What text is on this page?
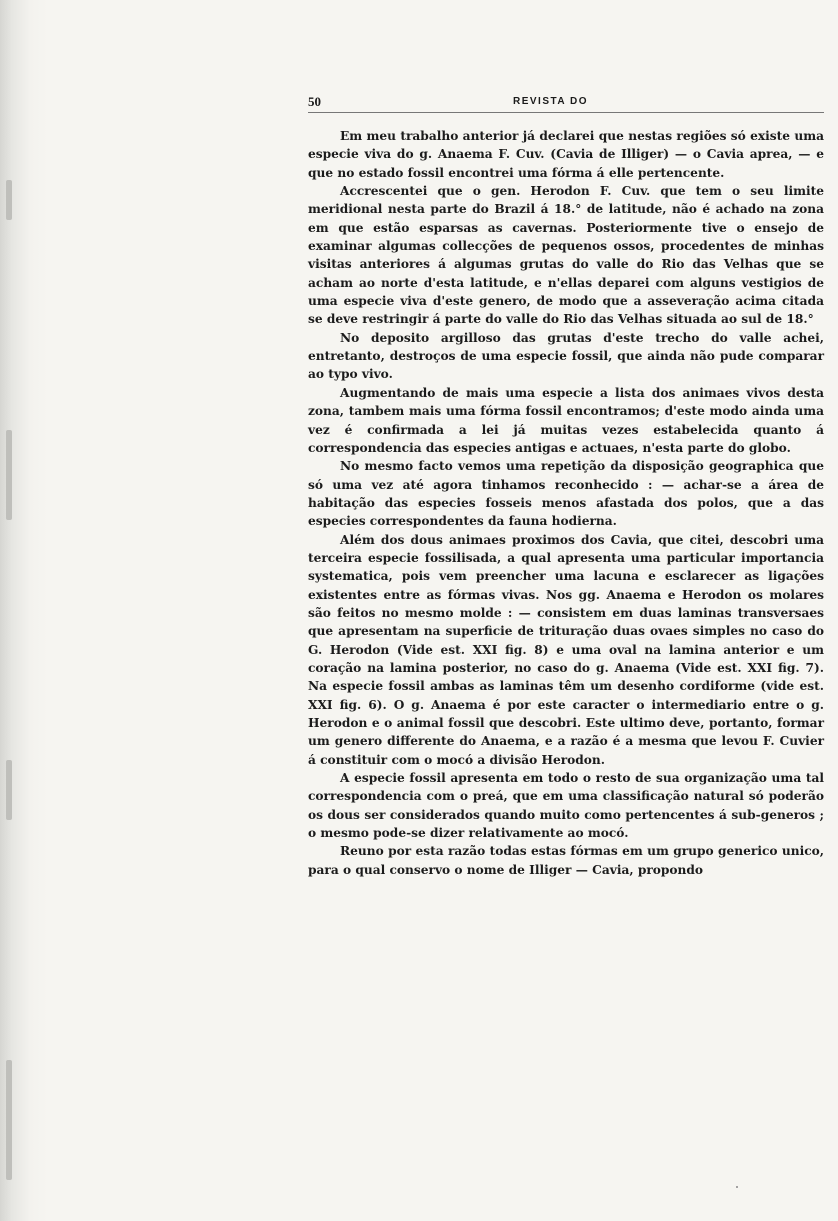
50	REVISTA DO

Em meu trabalho anterior já declarei que nestas regiões só existe uma especie viva do g. Anaema F. Cuv. (Cavia de Illiger) — o Cavia aprea, — e que no estado fossil encontrei uma fórma á elle pertencente.

Accrescentei que o gen. Herodon F. Cuv. que tem o seu limite meridional nesta parte do Brazil á 18.° de latitude, não é achado na zona em que estão esparsas as cavernas. Posteriormente tive o ensejo de examinar algumas collecções de pequenos ossos, procedentes de minhas visitas anteriores á algumas grutas do valle do Rio das Velhas que se acham ao norte d'esta latitude, e n'ellas deparei com alguns vestigios de uma especie viva d'este genero, de modo que a asseveração acima citada se deve restringir á parte do valle do Rio das Velhas situada ao sul de 18.°

No deposito argilloso das grutas d'este trecho do valle achei, entretanto, destroços de uma especie fossil, que ainda não pude comparar ao typo vivo.

Augmentando de mais uma especie a lista dos animaes vivos desta zona, tambem mais uma fórma fossil encontramos; d'este modo ainda uma vez é confirmada a lei já muitas vezes estabelecida quanto á correspondencia das especies antigas e actuaes, n'esta parte do globo.

No mesmo facto vemos uma repetição da disposição geographica que só uma vez até agora tinhamos reconhecido : — achar-se a área de habitação das especies fosseis menos afastada dos polos, que a das especies correspondentes da fauna hodierna.

Além dos dous animaes proximos dos Cavia, que citei, descobri uma terceira especie fossilisada, a qual apresenta uma particular importancia systematica, pois vem preencher uma lacuna e esclarecer as ligações existentes entre as fórmas vivas. Nos gg. Anaema e Herodon os molares são feitos no mesmo molde : — consistem em duas laminas transversaes que apresentam na superficie de trituração duas ovaes simples no caso do G. Herodon (Vide est. XXI fig. 8) e uma oval na lamina anterior e um coração na lamina posterior, no caso do g. Anaema (Vide est. XXI fig. 7). Na especie fossil ambas as laminas têm um desenho cordiforme (vide est. XXI fig. 6). O g. Anaema é por este caracter o intermediario entre o g. Herodon e o animal fossil que descobri. Este ultimo deve, portanto, formar um genero differente do Anaema, e a razão é a mesma que levou F. Cuvier á constituir com o mocó a divisão Herodon.

A especie fossil apresenta em todo o resto de sua organização uma tal correspondencia com o preá, que em uma classificação natural só poderão os dous ser considerados quando muito como pertencentes á sub-generos ; o mesmo pode-se dizer relativamente ao mocó.

Reuno por esta razão todas estas fórmas em um grupo generico unico, para o qual conservo o nome de Illiger — Cavia, propondo
